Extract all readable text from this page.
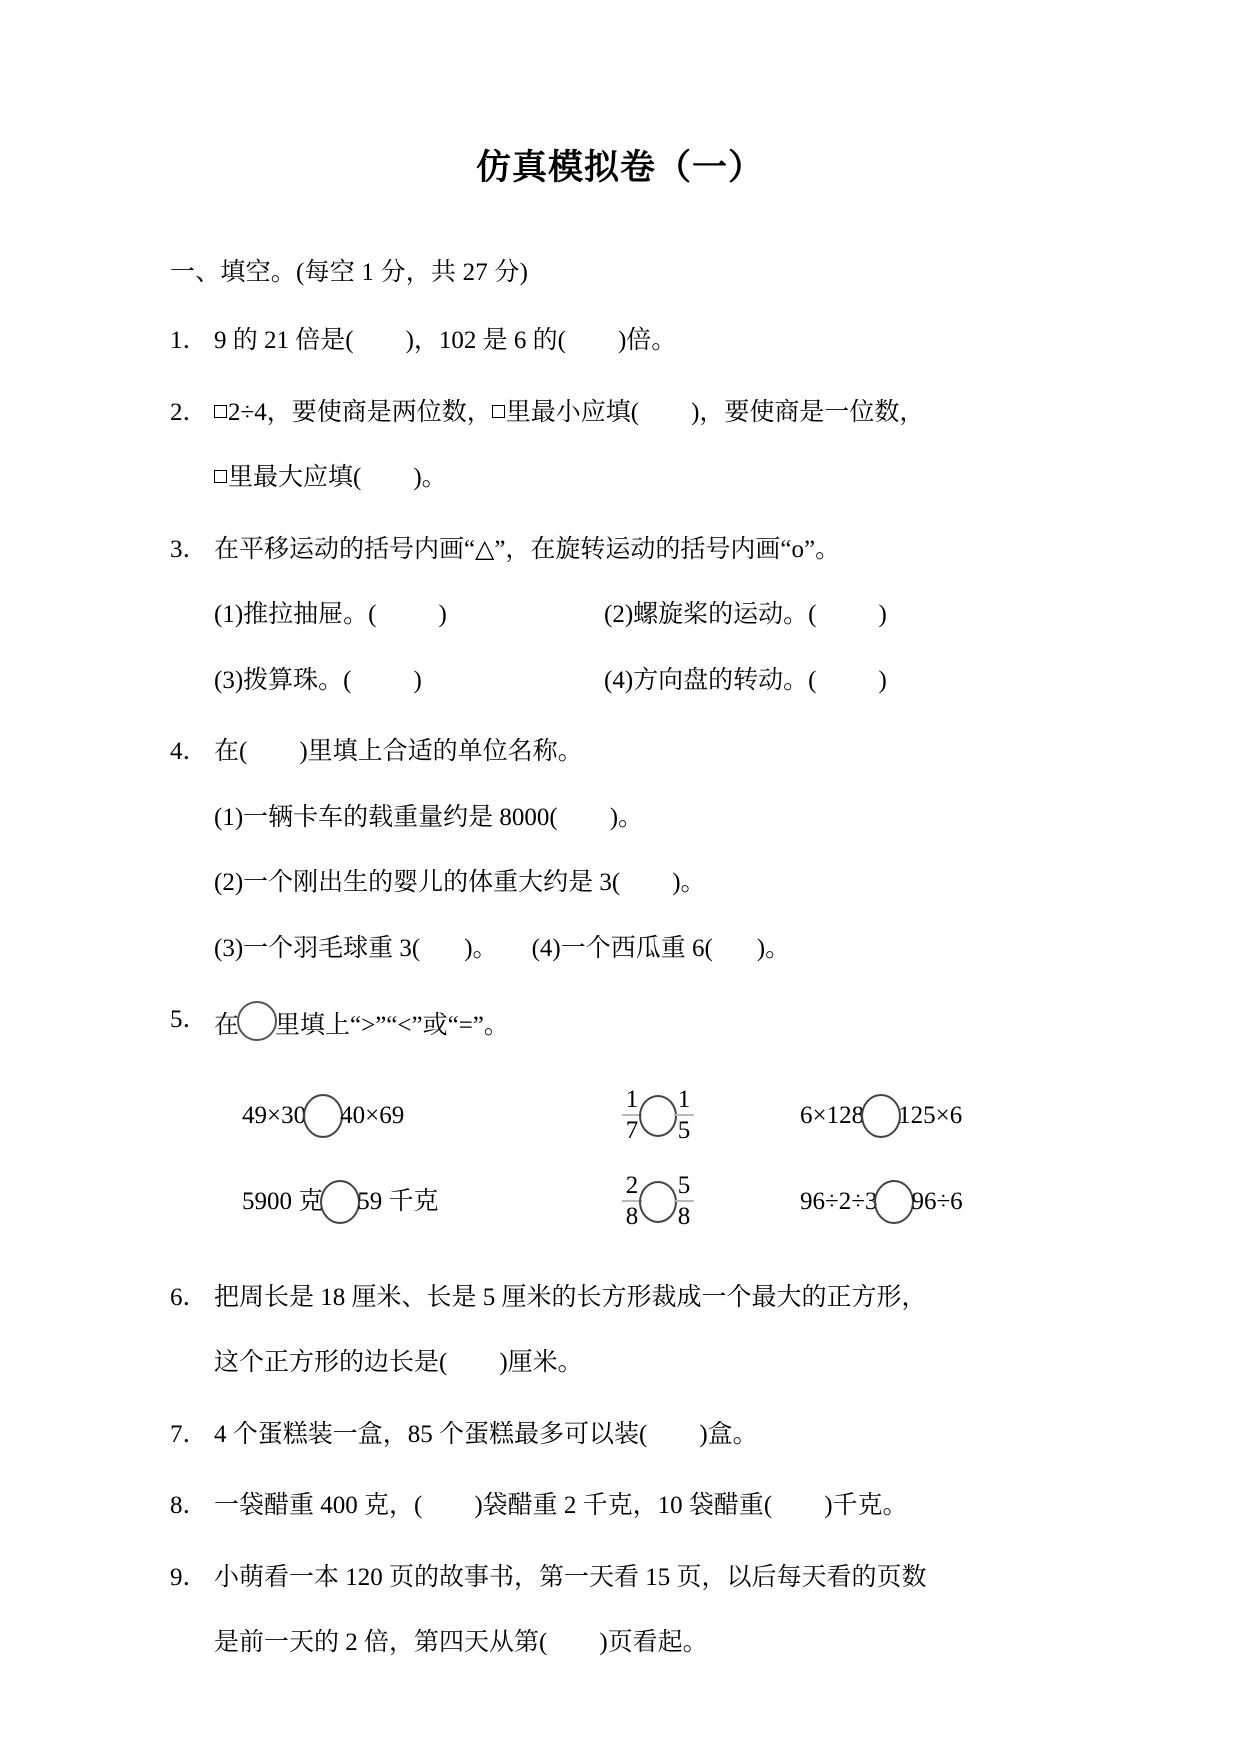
仿真模拟卷（一）
一、填空。(每空 1 分，共 27 分)
1． 9 的 21 倍是( )，102 是 6 的( )倍。
2． 2÷4，要使商是两位数， 里最小应填( )，要使商是一位数，
里最大应填( )。
3． 在平移运动的括号内画“△”，在旋转运动的括号内画“o”。
(1)推拉抽屉。( )	(2)螺旋桨的运动。( )
(3)拨算珠。( )	(4)方向盘的转动。( )
4． 在( )里填上合适的单位名称。
(1)一辆卡车的载重量约是 8000( )。
(2)一个刚出生的婴儿的体重大约是 3( )。
(3)一个羽毛球重 3( )。 (4)一个西瓜重 6( )。
5． 在 里填上“>”“<”或“=”。
49×30 40×69	$\frac{1}{7} \frac{1}{5}$	6×128 125×6
5900 克 59 千克	$\frac{2}{8} \frac{5}{8}$	96÷2÷3 96÷6
6． 把周长是 18 厘米、长是 5 厘米的长方形裁成一个最大的正方形，
这个正方形的边长是( )厘米。
7． 4 个蛋糕装一盒，85 个蛋糕最多可以装( )盒。
8． 一袋醋重 400 克，( )袋醋重 2 千克，10 袋醋重( )千克。
9． 小萌看一本 120 页的故事书，第一天看 15 页，以后每天看的页数
是前一天的 2 倍，第四天从第( )页看起。
